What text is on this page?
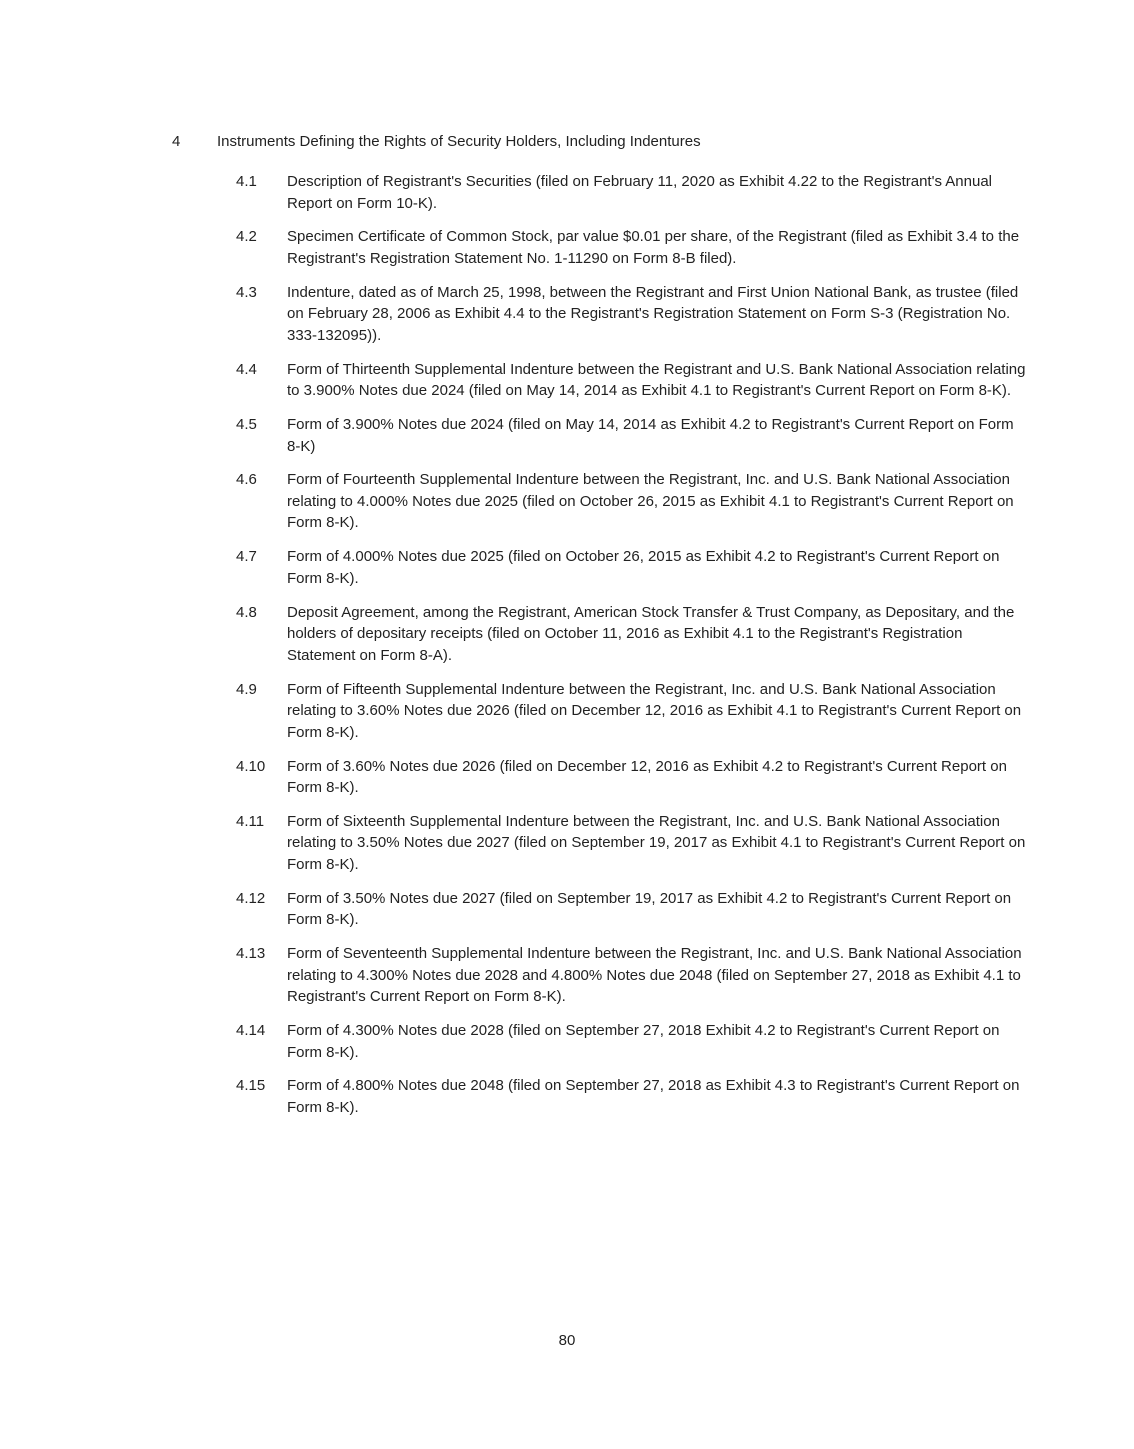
4 Instruments Defining the Rights of Security Holders, Including Indentures
4.1	Description of Registrant's Securities (filed on February 11, 2020 as Exhibit 4.22 to the Registrant's Annual Report on Form 10-K).
4.2	Specimen Certificate of Common Stock, par value $0.01 per share, of the Registrant (filed as Exhibit 3.4 to the Registrant's Registration Statement No. 1-11290 on Form 8-B filed).
4.3	Indenture, dated as of March 25, 1998, between the Registrant and First Union National Bank, as trustee (filed on February 28, 2006 as Exhibit 4.4 to the Registrant's Registration Statement on Form S-3 (Registration No. 333-132095)).
4.4	Form of Thirteenth Supplemental Indenture between the Registrant and U.S. Bank National Association relating to 3.900% Notes due 2024 (filed on May 14, 2014 as Exhibit 4.1 to Registrant's Current Report on Form 8-K).
4.5	Form of 3.900% Notes due 2024 (filed on May 14, 2014 as Exhibit 4.2 to Registrant's Current Report on Form 8-K)
4.6	Form of Fourteenth Supplemental Indenture between the Registrant, Inc. and U.S. Bank National Association relating to 4.000% Notes due 2025 (filed on October 26, 2015 as Exhibit 4.1 to Registrant's Current Report on Form 8-K).
4.7	Form of 4.000% Notes due 2025 (filed on October 26, 2015 as Exhibit 4.2 to Registrant's Current Report on Form 8-K).
4.8	Deposit Agreement, among the Registrant, American Stock Transfer & Trust Company, as Depositary, and the holders of depositary receipts (filed on October 11, 2016 as Exhibit 4.1 to the Registrant's Registration Statement on Form 8-A).
4.9	Form of Fifteenth Supplemental Indenture between the Registrant, Inc. and U.S. Bank National Association relating to 3.60% Notes due 2026 (filed on December 12, 2016 as Exhibit 4.1 to Registrant's Current Report on Form 8-K).
4.10	Form of 3.60% Notes due 2026 (filed on December 12, 2016 as Exhibit 4.2 to Registrant's Current Report on Form 8-K).
4.11	Form of Sixteenth Supplemental Indenture between the Registrant, Inc. and U.S. Bank National Association relating to 3.50% Notes due 2027 (filed on September 19, 2017 as Exhibit 4.1 to Registrant's Current Report on Form 8-K).
4.12	Form of 3.50% Notes due 2027 (filed on September 19, 2017 as Exhibit 4.2 to Registrant's Current Report on Form 8-K).
4.13	Form of Seventeenth Supplemental Indenture between the Registrant, Inc. and U.S. Bank National Association relating to 4.300% Notes due 2028 and 4.800% Notes due 2048 (filed on September 27, 2018 as Exhibit 4.1 to Registrant's Current Report on Form 8-K).
4.14	Form of 4.300% Notes due 2028 (filed on September 27, 2018 Exhibit 4.2 to Registrant's Current Report on Form 8-K).
4.15	Form of 4.800% Notes due 2048 (filed on September 27, 2018 as Exhibit 4.3 to Registrant's Current Report on Form 8-K).
80
